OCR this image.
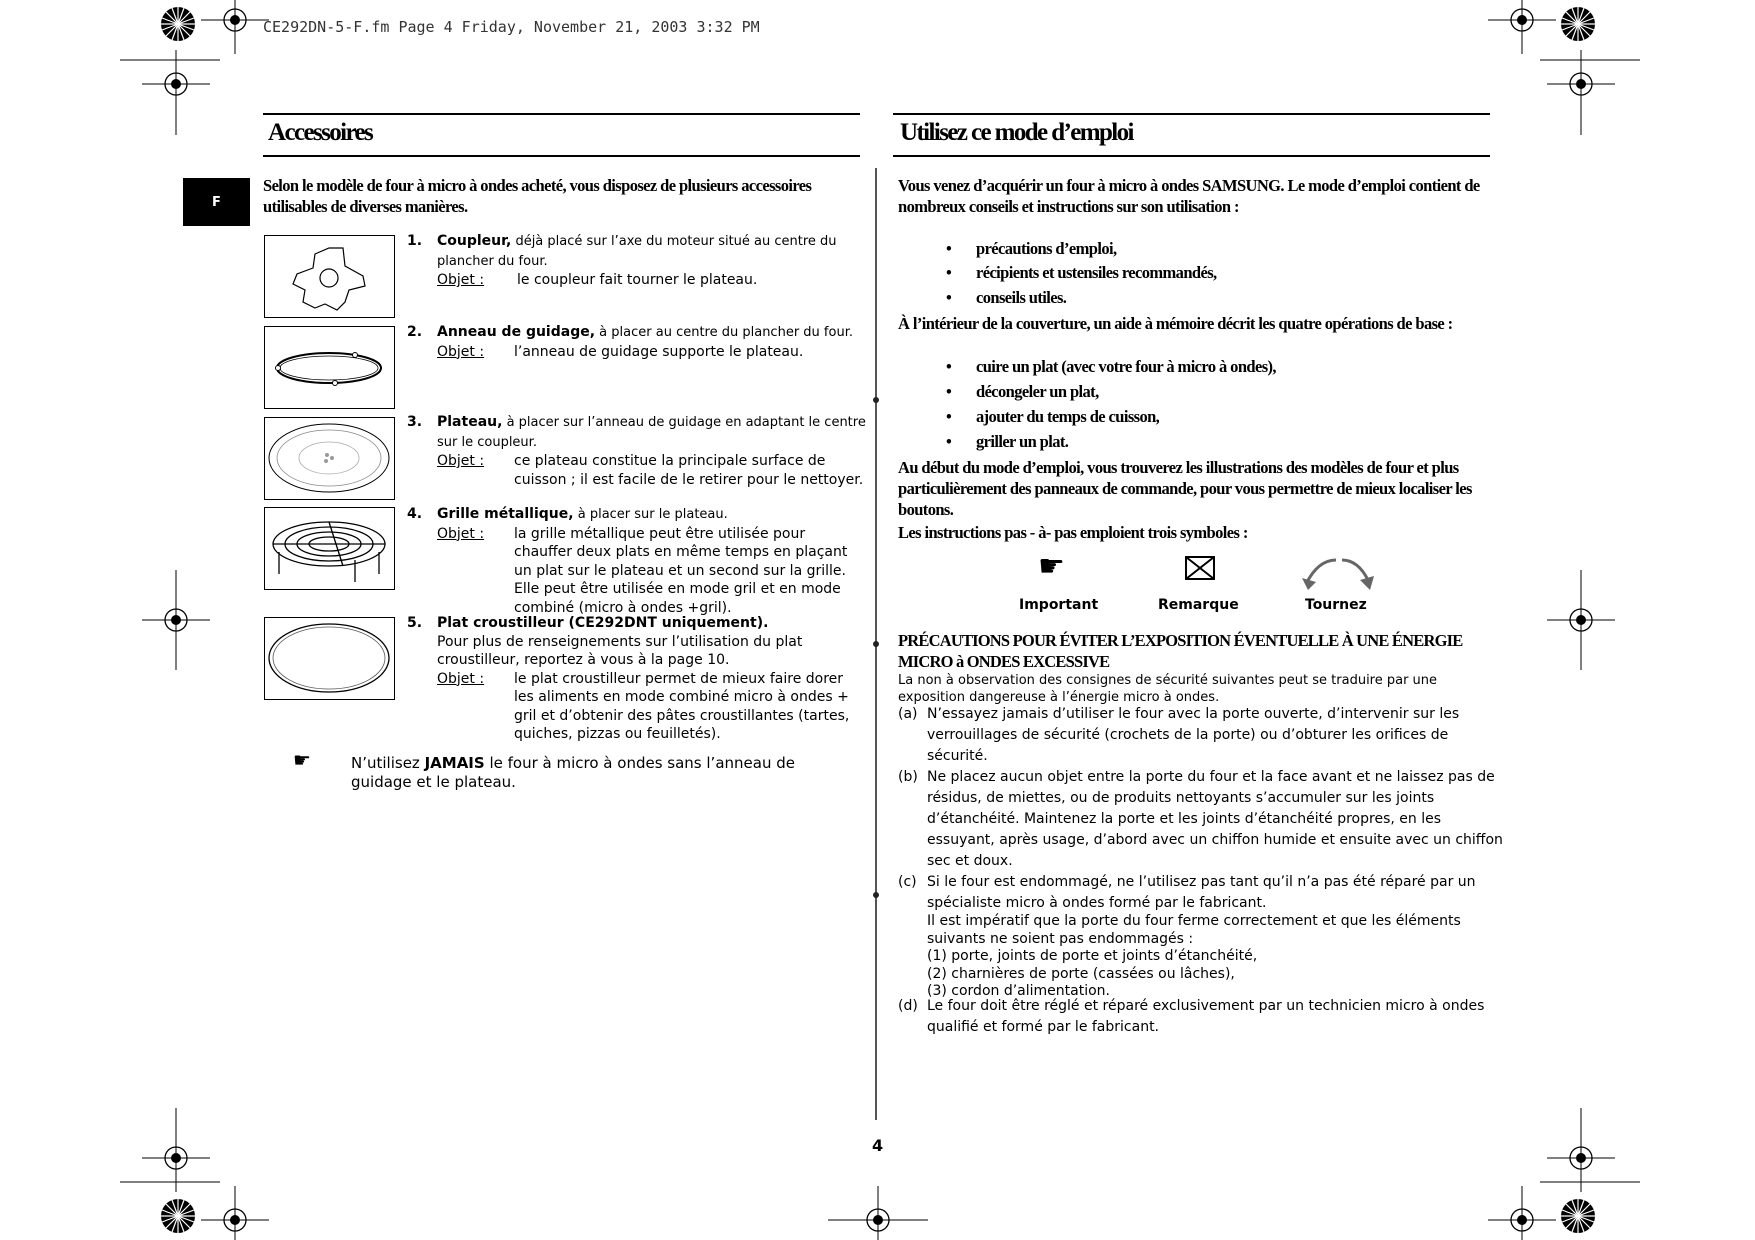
CE292DN-5-F.fm Page 4 Friday, November 21, 2003 3:32 PM
F
Accessoires
Selon le modèle de four à micro à ondes acheté, vous disposez de plusieurs accessoires utilisables de diverses manières.
1. Coupleur, déjà placé sur l’axe du moteur situé au centre du plancher du four.
Objet :	le coupleur fait tourner le plateau.
2. Anneau de guidage, à placer au centre du plancher du four.
Objet :	l’anneau de guidage supporte le plateau.
3. Plateau, à placer sur l’anneau de guidage en adaptant le centre sur le coupleur.
Objet :	ce plateau constitue la principale surface de cuisson ; il est facile de le retirer pour le nettoyer.
4. Grille métallique, à placer sur le plateau.
Objet :	la grille métallique peut être utilisée pour chauffer deux plats en même temps en plaçant un plat sur le plateau et un second sur la grille. Elle peut être utilisée en mode gril et en mode combiné (micro à ondes +gril).
5. Plat croustilleur (CE292DNT uniquement).
Pour plus de renseignements sur l’utilisation du plat croustilleur, reportez à vous à la page 10.
Objet :	le plat croustilleur permet de mieux faire dorer les aliments en mode combiné micro à ondes + gril et d’obtenir des pâtes croustillantes (tartes, quiches, pizzas ou feuilletés).
☛	N’utilisez JAMAIS le four à micro à ondes sans l’anneau de guidage et le plateau.
Utilisez ce mode d’emploi
Vous venez d’acquérir un four à micro à ondes SAMSUNG. Le mode d’emploi contient de nombreux conseils et instructions sur son utilisation :
• précautions d’emploi,
• récipients et ustensiles recommandés,
• conseils utiles.
À l’intérieur de la couverture, un aide à mémoire décrit les quatre opérations de base :
• cuire un plat (avec votre four à micro à ondes),
• décongeler un plat,
• ajouter du temps de cuisson,
• griller un plat.
Au début du mode d’emploi, vous trouverez les illustrations des modèles de four et plus particulièrement des panneaux de commande, pour vous permettre de mieux localiser les boutons.
Les instructions pas - à- pas emploient trois symboles :
☛
Important	Remarque	Tournez
PRÉCAUTIONS POUR ÉVITER L’EXPOSITION ÉVENTUELLE À UNE ÉNERGIE MICRO à ONDES EXCESSIVE
La non à observation des consignes de sécurité suivantes peut se traduire par une exposition dangereuse à l’énergie micro à ondes.
(a) N’essayez jamais d’utiliser le four avec la porte ouverte, d’intervenir sur les verrouillages de sécurité (crochets de la porte) ou d’obturer les orifices de sécurité.
(b) Ne placez aucun objet entre la porte du four et la face avant et ne laissez pas de résidus, de miettes, ou de produits nettoyants s’accumuler sur les joints d’étanchéité. Maintenez la porte et les joints d’étanchéité propres, en les essuyant, après usage, d’abord avec un chiffon humide et ensuite avec un chiffon sec et doux.
(c) Si le four est endommagé, ne l’utilisez pas tant qu’il n’a pas été réparé par un spécialiste micro à ondes formé par le fabricant.
Il est impératif que la porte du four ferme correctement et que les éléments suivants ne soient pas endommagés :
(1) porte, joints de porte et joints d’étanchéité,
(2) charnières de porte (cassées ou lâches),
(3) cordon d’alimentation.
(d) Le four doit être réglé et réparé exclusivement par un technicien micro à ondes qualifié et formé par le fabricant.
4
